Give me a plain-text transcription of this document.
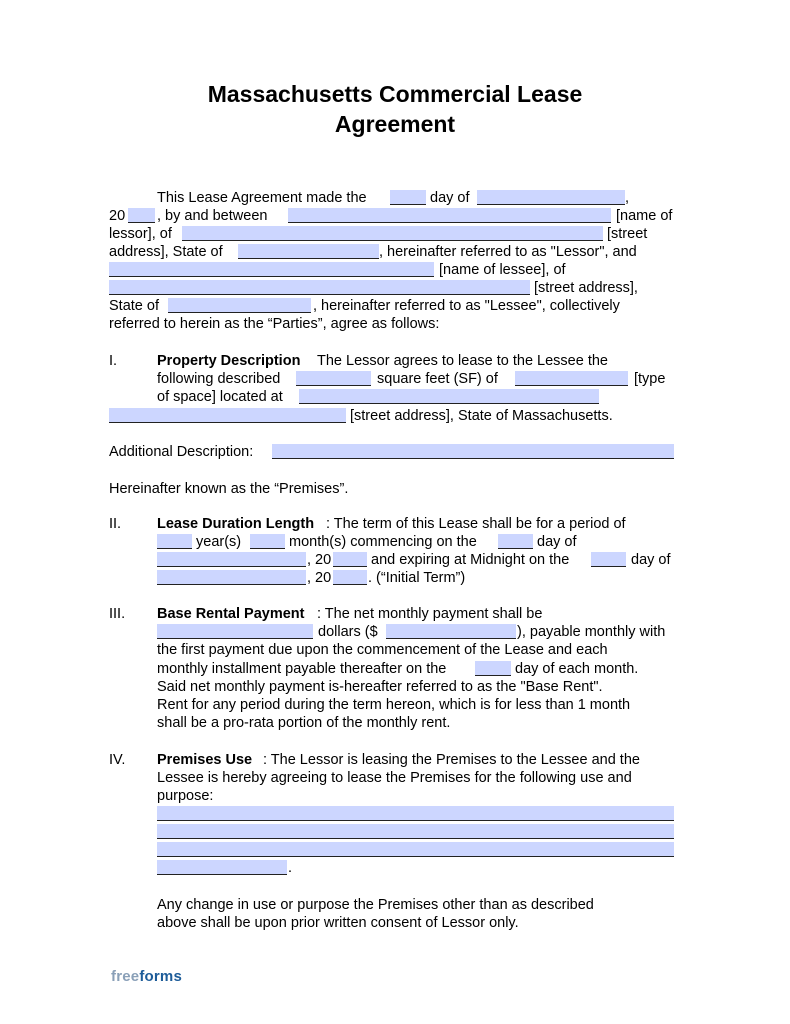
Massachusetts Commercial Lease
Agreement
This Lease Agreement made the	day of	,
20 , by and between	[name of
lessor], of	[street
address], State of	, hereinafter referred to as "Lessor", and
[name of lessee], of
[street address],
State of	, hereinafter referred to as "Lessee", collectively
referred to herein as the “Parties”, agree as follows:
I.	Property Description The Lessor agrees to lease to the Lessee the
following described	square feet (SF) of	[type
of space] located at
[street address], State of Massachusetts.
Additional Description:
Hereinafter known as the “Premises”.
II. Lease Duration Length : The term of this Lease shall be for a period of
year(s)	month(s) commencing on the	day of
, 20	and expiring at Midnight on the	day of
, 20	. (“Initial Term”)
III. Base Rental Payment : The net monthly payment shall be
dollars ($	), payable monthly with
the first payment due upon the commencement of the Lease and each
monthly installment payable thereafter on the	day of each month.
Said net monthly payment is-hereafter referred to as the "Base Rent".
Rent for any period during the term hereon, which is for less than 1 month
shall be a pro-rata portion of the monthly rent.
IV. Premises Use : The Lessor is leasing the Premises to the Lessee and the
Lessee is hereby agreeing to lease the Premises for the following use and
purpose:
.
Any change in use or purpose the Premises other than as described
above shall be upon prior written consent of Lessor only.
freeforms
